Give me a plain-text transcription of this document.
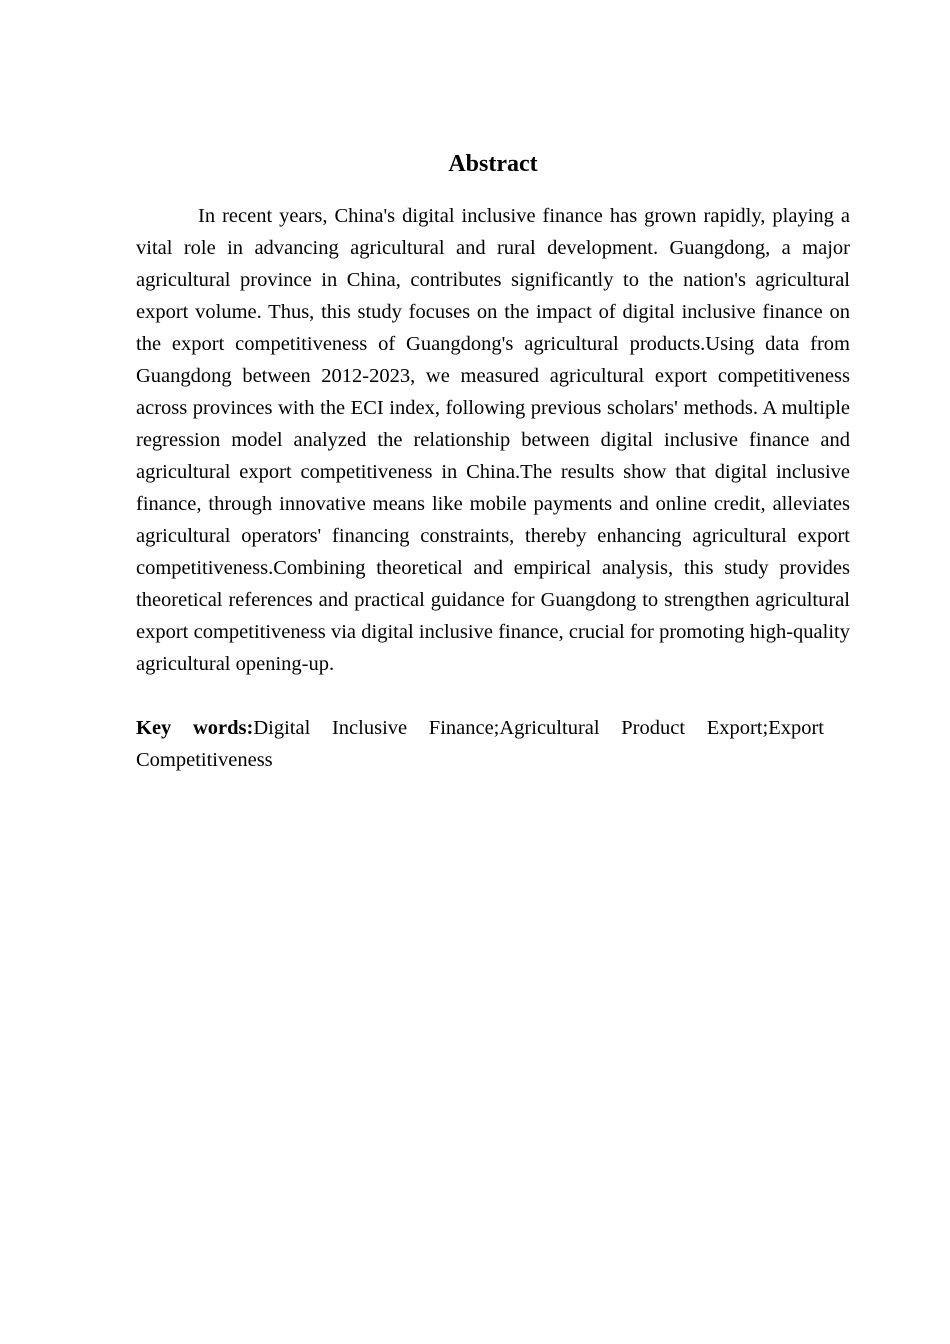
Abstract

In recent years, China's digital inclusive finance has grown rapidly, playing a vital role in advancing agricultural and rural development. Guangdong, a major agricultural province in China, contributes significantly to the nation's agricultural export volume. Thus, this study focuses on the impact of digital inclusive finance on the export competitiveness of Guangdong's agricultural products.Using data from Guangdong between 2012-2023, we measured agricultural export competitiveness across provinces with the ECI index, following previous scholars' methods. A multiple regression model analyzed the relationship between digital inclusive finance and agricultural export competitiveness in China.The results show that digital inclusive finance, through innovative means like mobile payments and online credit, alleviates agricultural operators' financing constraints, thereby enhancing agricultural export competitiveness.Combining theoretical and empirical analysis, this study provides theoretical references and practical guidance for Guangdong to strengthen agricultural export competitiveness via digital inclusive finance, crucial for promoting high-quality agricultural opening-up.

Key words:Digital Inclusive Finance;Agricultural Product Export;Export Competitiveness
